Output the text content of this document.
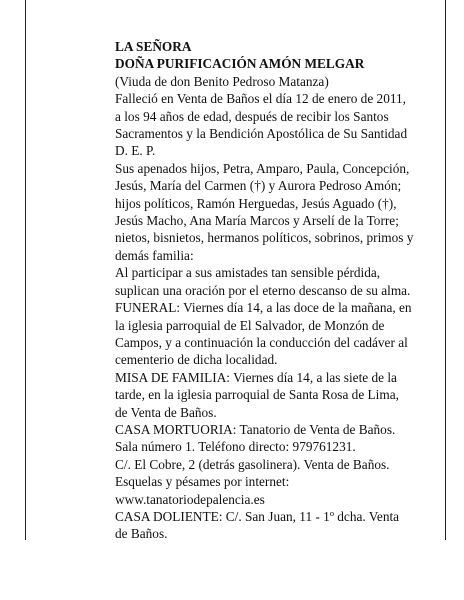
LA SEÑORA
DOÑA PURIFICACIÓN AMÓN MELGAR
(Viuda de don Benito Pedroso Matanza)
Falleció en Venta de Baños el día 12 de enero de 2011,
a los 94 años de edad, después de recibir los Santos
Sacramentos y la Bendición Apostólica de Su Santidad
D. E. P.
Sus apenados hijos, Petra, Amparo, Paula, Concepción,
Jesús, María del Carmen (†) y Aurora Pedroso Amón;
hijos políticos, Ramón Herguedas, Jesús Aguado (†),
Jesús Macho, Ana María Marcos y Arselí de la Torre;
nietos, bisnietos, hermanos políticos, sobrinos, primos y
demás familia:
Al participar a sus amistades tan sensible pérdida,
suplican una oración por el eterno descanso de su alma.
FUNERAL: Viernes día 14, a las doce de la mañana, en
la iglesia parroquial de El Salvador, de Monzón de
Campos, y a continuación la conducción del cadáver al
cementerio de dicha localidad.
MISA DE FAMILIA: Viernes día 14, a las siete de la
tarde, en la iglesia parroquial de Santa Rosa de Lima,
de Venta de Baños.
CASA MORTUORIA: Tanatorio de Venta de Baños.
Sala número 1. Teléfono directo: 979761231.
C/. El Cobre, 2 (detrás gasolinera). Venta de Baños.
Esquelas y pésames por internet:
www.tanatoriodepalencia.es
CASA DOLIENTE: C/. San Juan, 11 - 1º dcha. Venta
de Baños.
